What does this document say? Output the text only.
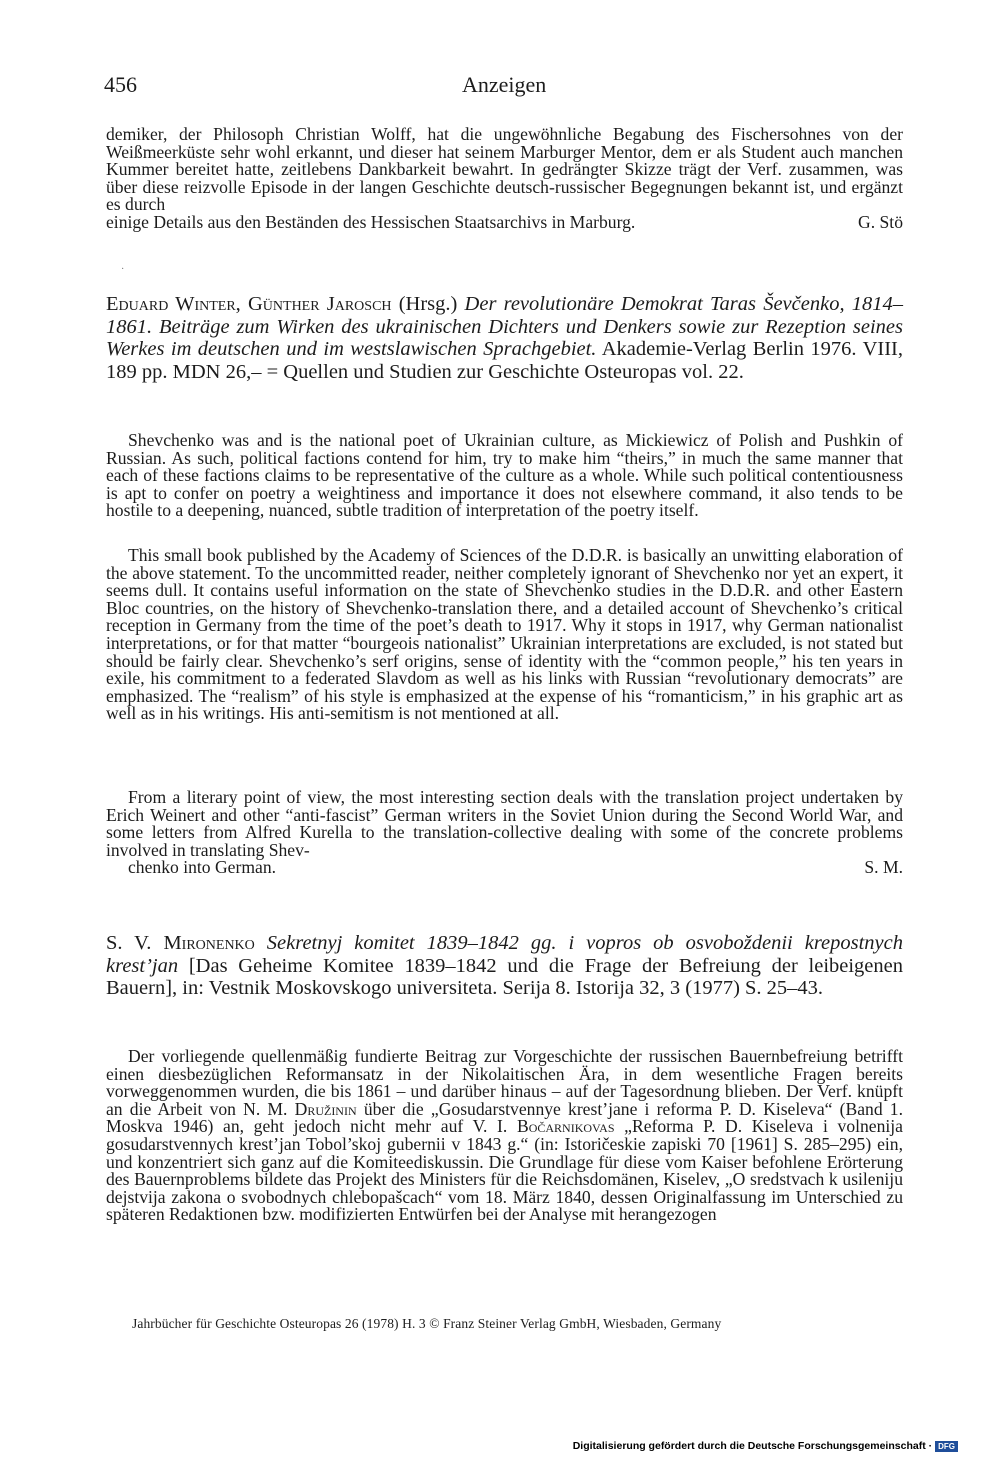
456	Anzeigen
demiker, der Philosoph Christian Wolff, hat die ungewöhnliche Begabung des Fischersohnes von der Weißmeerküste sehr wohl erkannt, und dieser hat seinem Marburger Mentor, dem er als Student auch manchen Kummer bereitet hatte, zeitlebens Dankbarkeit bewahrt. In gedrängter Skizze trägt der Verf. zusammen, was über diese reizvolle Episode in der langen Geschichte deutsch-russischer Begegnungen bekannt ist, und ergänzt es durch
einige Details aus den Beständen des Hessischen Staatsarchivs in Marburg.	G. Stö
·
Eduard Winter, Günther Jarosch (Hrsg.) Der revolutionäre Demokrat Taras Ševčenko, 1814–1861. Beiträge zum Wirken des ukrainischen Dichters und Denkers sowie zur Rezeption seines Werkes im deutschen und im westslawischen Sprachgebiet. Akademie-Verlag Berlin 1976. VIII, 189 pp. MDN 26,– = Quellen und Studien zur Geschichte Osteuropas vol. 22.
Shevchenko was and is the national poet of Ukrainian culture, as Mickiewicz of Polish and Pushkin of Russian. As such, political factions contend for him, try to make him “theirs,” in much the same manner that each of these factions claims to be representative of the culture as a whole. While such political contentiousness is apt to confer on poetry a weightiness and importance it does not elsewhere command, it also tends to be hostile to a deepening, nuanced, subtle tradition of interpretation of the poetry itself.
This small book published by the Academy of Sciences of the D.D.R. is basically an unwitting elaboration of the above statement. To the uncommitted reader, neither completely ignorant of Shevchenko nor yet an expert, it seems dull. It contains useful information on the state of Shevchenko studies in the D.D.R. and other Eastern Bloc countries, on the history of Shevchenko-translation there, and a detailed account of Shevchenko’s critical reception in Germany from the time of the poet’s death to 1917. Why it stops in 1917, why German nationalist interpretations, or for that matter “bourgeois nationalist” Ukrainian interpretations are excluded, is not stated but should be fairly clear. Shevchenko’s serf origins, sense of identity with the “common people,” his ten years in exile, his commitment to a federated Slavdom as well as his links with Russian “revolutionary democrats” are emphasized. The “realism” of his style is emphasized at the expense of his “romanticism,” in his graphic art as well as in his writings. His anti-semitism is not mentioned at all.
From a literary point of view, the most interesting section deals with the translation project undertaken by Erich Weinert and other “anti-fascist” German writers in the Soviet Union during the Second World War, and some letters from Alfred Kurella to the translation-collective dealing with some of the concrete problems involved in translating Shev-
chenko into German.	S. M.
S. V. Mironenko Sekretnyj komitet 1839–1842 gg. i vopros ob osvoboždenii krepostnych krest’jan [Das Geheime Komitee 1839–1842 und die Frage der Befreiung der leibeigenen Bauern], in: Vestnik Moskovskogo universiteta. Serija 8. Istorija 32, 3 (1977) S. 25–43.
Der vorliegende quellenmäßig fundierte Beitrag zur Vorgeschichte der russischen Bauernbefreiung betrifft einen diesbezüglichen Reformansatz in der Nikolaitischen Ära, in dem wesentliche Fragen bereits vorweggenommen wurden, die bis 1861 – und darüber hinaus – auf der Tagesordnung blieben. Der Verf. knüpft an die Arbeit von N. M. Družinin über die „Gosudarstvennye krest’jane i reforma P. D. Kiseleva“ (Band 1. Moskva 1946) an, geht jedoch nicht mehr auf V. I. Bočarnikovas „Reforma P. D. Kiseleva i volnenija gosudarstvennych krest’jan Tobol’skoj gubernii v 1843 g.“ (in: Istoričeskie zapiski 70 [1961] S. 285–295) ein, und konzentriert sich ganz auf die Komiteediskussin. Die Grundlage für diese vom Kaiser befohlene Erörterung des Bauernproblems bildete das Projekt des Ministers für die Reichsdomänen, Kiselev, „O sredstvach k usileniju dejstvija zakona o svobodnych chlebopašcach“ vom 18. März 1840, dessen Originalfassung im Unterschied zu späteren Redaktionen bzw. modifizierten Entwürfen bei der Analyse mit herangezogen
Jahrbücher für Geschichte Osteuropas 26 (1978) H. 3 © Franz Steiner Verlag GmbH, Wiesbaden, Germany
Digitalisierung gefördert durch die Deutsche Forschungsgemeinschaft · DFG
